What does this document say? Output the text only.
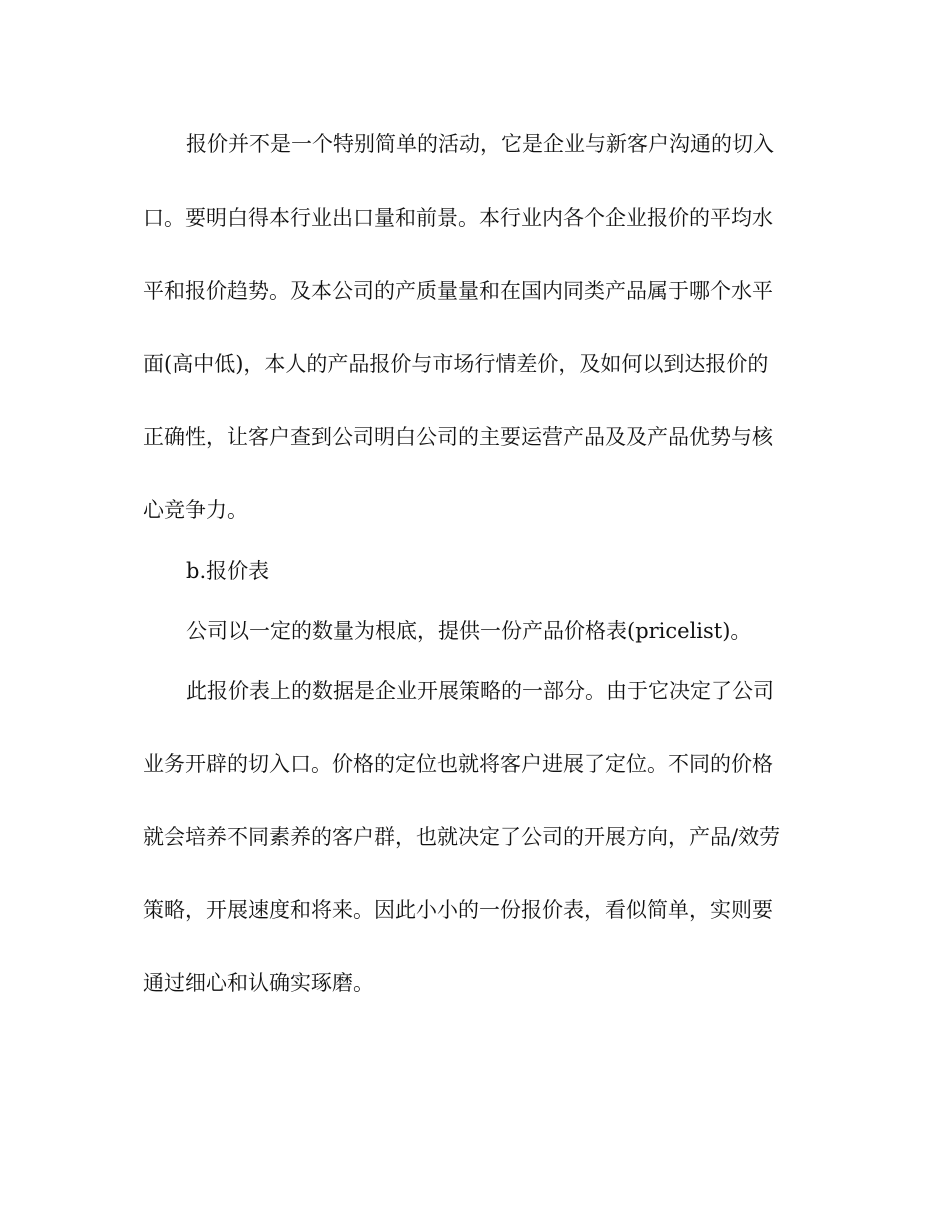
报价并不是一个特别简单的活动，它是企业与新客户沟通的切入
口。要明白得本行业出口量和前景。本行业内各个企业报价的平均水
平和报价趋势。及本公司的产质量量和在国内同类产品属于哪个水平
面(高中低)，本人的产品报价与市场行情差价，及如何以到达报价的
正确性，让客户查到公司明白公司的主要运营产品及及产品优势与核
心竞争力。
b.报价表
公司以一定的数量为根底，提供一份产品价格表(pricelist)。
此报价表上的数据是企业开展策略的一部分。由于它决定了公司
业务开辟的切入口。价格的定位也就将客户进展了定位。不同的价格
就会培养不同素养的客户群，也就决定了公司的开展方向，产品/效劳
策略，开展速度和将来。因此小小的一份报价表，看似简单，实则要
通过细心和认确实琢磨。
